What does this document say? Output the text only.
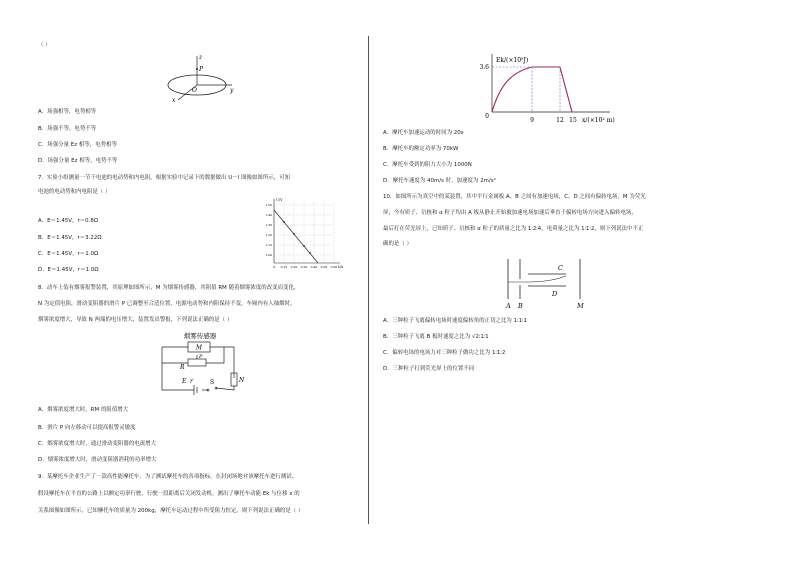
（ ）
z
P
O	y
x
A．场强相等，电势相等
B．场强不等，电势不等
C．场强分量 Ez 相等，电势相等
D．场强分量 Ez 相等，电势不等
7．实验小组测量一节干电池的电动势和内电阻，根据实验中记录下的数据做出 U－I 图像如图所示，可知
电池的电动势和内电阻是（ ）
U/V
I/A
1.50
1.40
1.30
1.20
1.10
1.00
0 0.10 0.20 0.30 0.40 0.50 0.60
A．E＝1.45V，r＝0.8Ω
B．E＝1.45V，r＝3.22Ω
C．E＝1.45V，r＝1.0Ω
D．E＝1.45V，r＝1.0Ω
8．动车上装有烟雾报警装置，其原理如图所示，M 为烟雾传感器，其阻值 RM 随着烟雾浓度的改变而变化，
N 为定值电阻，滑动变阻器的滑片 P 已调整至合适位置，电源电动势和内阻保持不变，车厢内有人抽烟时，
烟雾浓度增大，导致 N 两端的电压增大，装置发出警报，下列说法正确的是（ ）
烟雾传感器
M
P
R
E r	S	N
A．烟雾浓度增大时，RM 的阻值增大
B．滑片 P 向左移动可以提高报警灵敏度
C．烟雾浓度增大时，通过滑动变阻器的电流增大
D．烟雾浓度增大时，滑动变阻器消耗的功率增大
9．某摩托车企业生产了一款高性能摩托车，为了测试摩托车的各项指标，在封闭场地对该摩托车进行测试。
假设摩托车在平直的公路上以额定功率行驶，行驶一段距离后关闭发动机，测出了摩托车动能 Ek 与位移 x 的
关系图像如图所示，已知摩托车的质量为 200kg，摩托车运动过程中所受阻力恒定，则下列说法正确的是（ ）
Ek/(×10⁵J)
3.6
0
9	12 15 x/(×10² m)
A．摩托车加速运动的时间为 20s
B．摩托车的额定功率为 70kW
C．摩托车受到的阻力大小为 1000N
D．摩托车速度为 40m/s 时，加速度为 2m/s²
10．如图所示为真空中的某装置，其中平行金属板 A、B 之间有加速电场，C、D 之间有偏转电场，M 为荧光
屏，今有质子、氘核和 α 粒子均由 A 板从静止开始被加速电场加速后垂直于偏转电场方向进入偏转电场，
最后打在荧光屏上，已知质子、氘核和 α 粒子的质量之比为 1∶2∶4，电荷量之比为 1∶1∶2，则下列说法中不正
确的是（ ）
C
D
A B	M
A．三种粒子飞离偏转电场时速度偏转角的正切之比为 1∶1∶1
B．三种粒子飞离 B 板时速度之比为 √2∶1∶1
C．偏转电场的电场力对三种粒子做功之比为 1∶1∶2
D．三种粒子打到荧光屏上的位置不同
